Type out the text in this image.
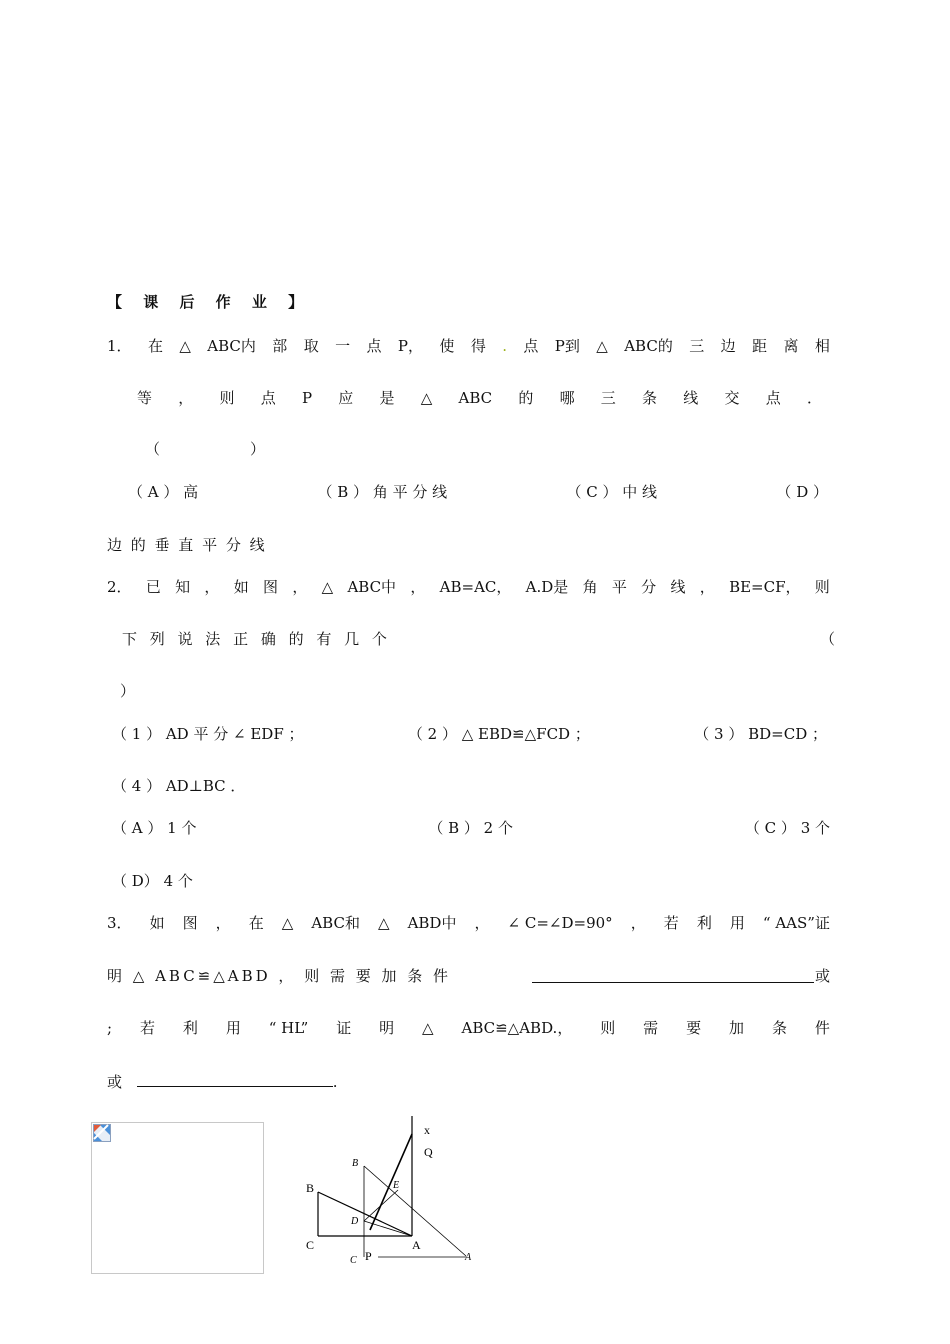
【 课 后 作 业 】
1． 在 △ ABC内 部 取 一 点 P， 使 得 . 点 P到 △ ABC的 三 边 距 离 相
等 ， 则 点 P 应 是 △ ABC 的 哪 三 条 线 交 点 ．
（　　　　　　）
（ A ） 高	（ B ） 角 平 分 线	（ C ） 中 线	（ D ）
边 的 垂 直 平 分 线
2． 已 知 ， 如 图 ， △ ABC中 ， AB=AC， A.D是 角 平 分 线 ， BE=CF， 则
下 列 说 法 正 确 的 有 几 个	（
）
（ 1 ） AD 平 分 ∠ EDF ；	（ 2 ） △ EBD≌△FCD ；	（ 3 ） BD=CD ；
（ 4 ） AD⊥BC ．
（ A ） 1 个	（ B ） 2 个	（ C ） 3 个
（ D） 4 个
3． 如 图 ， 在 △ ABC和 △ ABD中 ， ∠ C=∠D=90° ， 若 利 用 “ AAS”证
明 △ ABC≌△ABD ， 则 需 要 加 条 件	或
; 若 利 用 “ HL” 证 明 △ ABC≌△ABD.， 则 需 要 加 条 件
或	.
x
Q
B
B
E
D
C
C P
A
A
